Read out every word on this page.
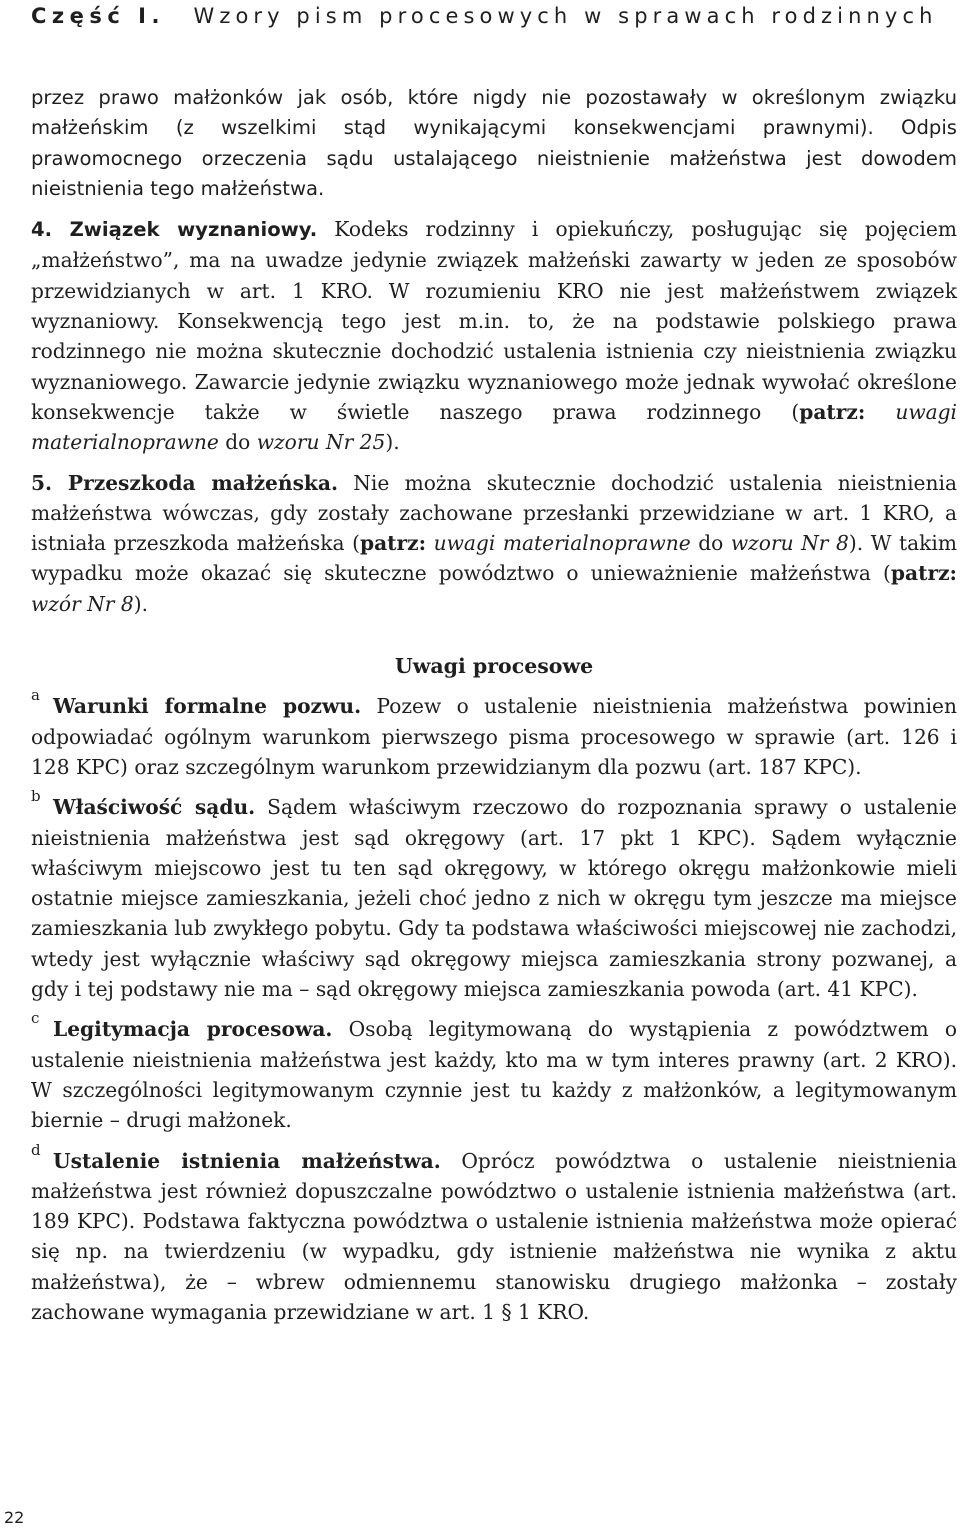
Część I. Wzory pism procesowych w sprawach rodzinnych

przez prawo małżonków jak osób, które nigdy nie pozostawały w określonym związku małżeńskim (z wszelkimi stąd wynikającymi konsekwencjami prawnymi). Odpis prawomocnego orzeczenia sądu ustalającego nieistnienie małżeństwa jest dowodem nieistnienia tego małżeństwa.

4. Związek wyznaniowy. Kodeks rodzinny i opiekuńczy, posługując się pojęciem „małżeństwo”, ma na uwadze jedynie związek małżeński zawarty w jeden ze sposobów przewidzianych w art. 1 KRO. W rozumieniu KRO nie jest małżeństwem związek wyznaniowy. Konsekwencją tego jest m.in. to, że na podstawie polskiego prawa rodzinnego nie można skutecznie dochodzić ustalenia istnienia czy nieistnienia związku wyznaniowego. Zawarcie jedynie związku wyznaniowego może jednak wywołać określone konsekwencje także w świetle naszego prawa rodzinnego (patrz: uwagi materialnoprawne do wzoru Nr 25).

5. Przeszkoda małżeńska. Nie można skutecznie dochodzić ustalenia nieistnienia małżeństwa wówczas, gdy zostały zachowane przesłanki przewidziane w art. 1 KRO, a istniała przeszkoda małżeńska (patrz: uwagi materialnoprawne do wzoru Nr 8). W takim wypadku może okazać się skuteczne powództwo o unieważnienie małżeństwa (patrz: wzór Nr 8).

Uwagi procesowe

a Warunki formalne pozwu. Pozew o ustalenie nieistnienia małżeństwa powinien odpowiadać ogólnym warunkom pierwszego pisma procesowego w sprawie (art. 126 i 128 KPC) oraz szczególnym warunkom przewidzianym dla pozwu (art. 187 KPC).

b Właściwość sądu. Sądem właściwym rzeczowo do rozpoznania sprawy o ustalenie nieistnienia małżeństwa jest sąd okręgowy (art. 17 pkt 1 KPC). Sądem wyłącznie właściwym miejscowo jest tu ten sąd okręgowy, w którego okręgu małżonkowie mieli ostatnie miejsce zamieszkania, jeżeli choć jedno z nich w okręgu tym jeszcze ma miejsce zamieszkania lub zwykłego pobytu. Gdy ta podstawa właściwości miejscowej nie zachodzi, wtedy jest wyłącznie właściwy sąd okręgowy miejsca zamieszkania strony pozwanej, a gdy i tej podstawy nie ma – sąd okręgowy miejsca zamieszkania powoda (art. 41 KPC).

c Legitymacja procesowa. Osobą legitymowaną do wystąpienia z powództwem o ustalenie nieistnienia małżeństwa jest każdy, kto ma w tym interes prawny (art. 2 KRO). W szczególności legitymowanym czynnie jest tu każdy z małżonków, a legitymowanym biernie – drugi małżonek.

d Ustalenie istnienia małżeństwa. Oprócz powództwa o ustalenie nieistnienia małżeństwa jest również dopuszczalne powództwo o ustalenie istnienia małżeństwa (art. 189 KPC). Podstawa faktyczna powództwa o ustalenie istnienia małżeństwa może opierać się np. na twierdzeniu (w wypadku, gdy istnienie małżeństwa nie wynika z aktu małżeństwa), że – wbrew odmiennemu stanowisku drugiego małżonka – zostały zachowane wymagania przewidziane w art. 1 § 1 KRO.

22
